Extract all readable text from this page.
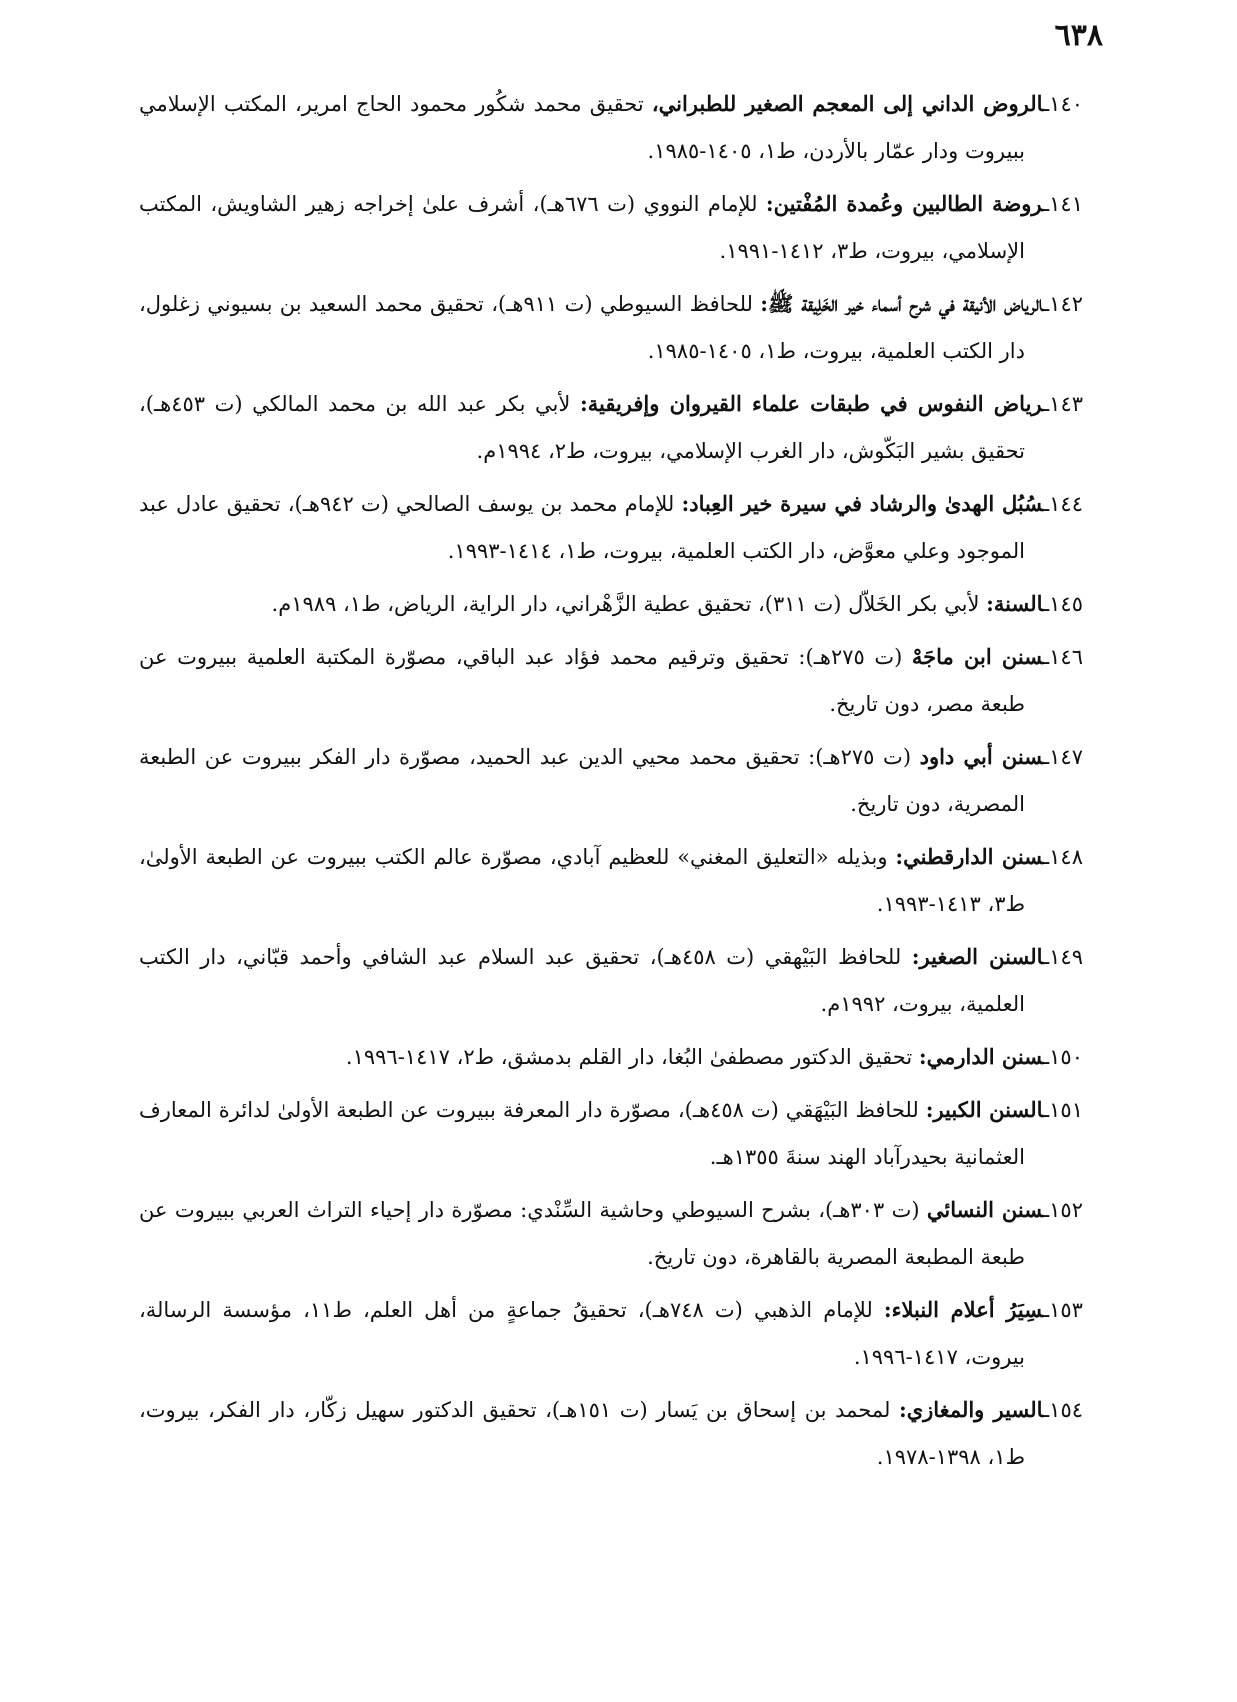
٦٣٨

١٤٠ـالروض الداني إلى المعجم الصغير للطبراني، تحقيق محمد شكُور محمود الحاج امرير، المكتب الإسلامي ببيروت ودار عمّار بالأردن، ط١، ١٤٠٥-١٩٨٥.

١٤١ـروضة الطالبين وعُمدة المُفْتين: للإمام النووي (ت ٦٧٦هـ)، أشرف علىٰ إخراجه زهير الشاويش، المكتب الإسلامي، بيروت، ط٣، ١٤١٢-١٩٩١.

١٤٢ـالرياض الأنيقة في شرح أسماء خير الخَلِيقة ﷺ: للحافظ السيوطي (ت ٩١١هـ)، تحقيق محمد السعيد بن بسيوني زغلول، دار الكتب العلمية، بيروت، ط١، ١٤٠٥-١٩٨٥.

١٤٣ـرياض النفوس في طبقات علماء القيروان وإفريقية: لأبي بكر عبد الله بن محمد المالكي (ت ٤٥٣هـ)، تحقيق بشير البَكّوش، دار الغرب الإسلامي، بيروت، ط٢، ١٩٩٤م.

١٤٤ـسُبُل الهدىٰ والرشاد في سيرة خير العِباد: للإمام محمد بن يوسف الصالحي (ت ٩٤٢هـ)، تحقيق عادل عبد الموجود وعلي معوَّض، دار الكتب العلمية، بيروت، ط١، ١٤١٤-١٩٩٣.

١٤٥ـالسنة: لأبي بكر الخَلاّل (ت ٣١١)، تحقيق عطية الزَّهْراني، دار الراية، الرياض، ط١، ١٩٨٩م.

١٤٦ـسنن ابن ماجَهْ (ت ٢٧٥هـ): تحقيق وترقيم محمد فؤاد عبد الباقي، مصوّرة المكتبة العلمية ببيروت عن طبعة مصر، دون تاريخ.

١٤٧ـسنن أبي داود (ت ٢٧٥هـ): تحقيق محمد محيي الدين عبد الحميد، مصوّرة دار الفكر ببيروت عن الطبعة المصرية، دون تاريخ.

١٤٨ـسنن الدارقطني: وبذيله «التعليق المغني» للعظيم آبادي، مصوّرة عالم الكتب ببيروت عن الطبعة الأولىٰ، ط٣، ١٤١٣-١٩٩٣.

١٤٩ـالسنن الصغير: للحافظ البَيْهقي (ت ٤٥٨هـ)، تحقيق عبد السلام عبد الشافي وأحمد قبّاني، دار الكتب العلمية، بيروت، ١٩٩٢م.

١٥٠ـسنن الدارمي: تحقيق الدكتور مصطفىٰ البُغا، دار القلم بدمشق، ط٢، ١٤١٧-١٩٩٦.

١٥١ـالسنن الكبير: للحافظ البَيْهَقي (ت ٤٥٨هـ)، مصوّرة دار المعرفة ببيروت عن الطبعة الأولىٰ لدائرة المعارف العثمانية بحيدرآباد الهند سنةَ ١٣٥٥هـ.

١٥٢ـسنن النسائي (ت ٣٠٣هـ)، بشرح السيوطي وحاشية السِّنْدي: مصوّرة دار إحياء التراث العربي ببيروت عن طبعة المطبعة المصرية بالقاهرة، دون تاريخ.

١٥٣ـسِيَرُ أعلام النبلاء: للإمام الذهبي (ت ٧٤٨هـ)، تحقيقُ جماعةٍ من أهل العلم، ط١١، مؤسسة الرسالة، بيروت، ١٤١٧-١٩٩٦.

١٥٤ـالسير والمغازي: لمحمد بن إسحاق بن يَسار (ت ١٥١هـ)، تحقيق الدكتور سهيل زكّار، دار الفكر، بيروت، ط١، ١٣٩٨-١٩٧٨.
